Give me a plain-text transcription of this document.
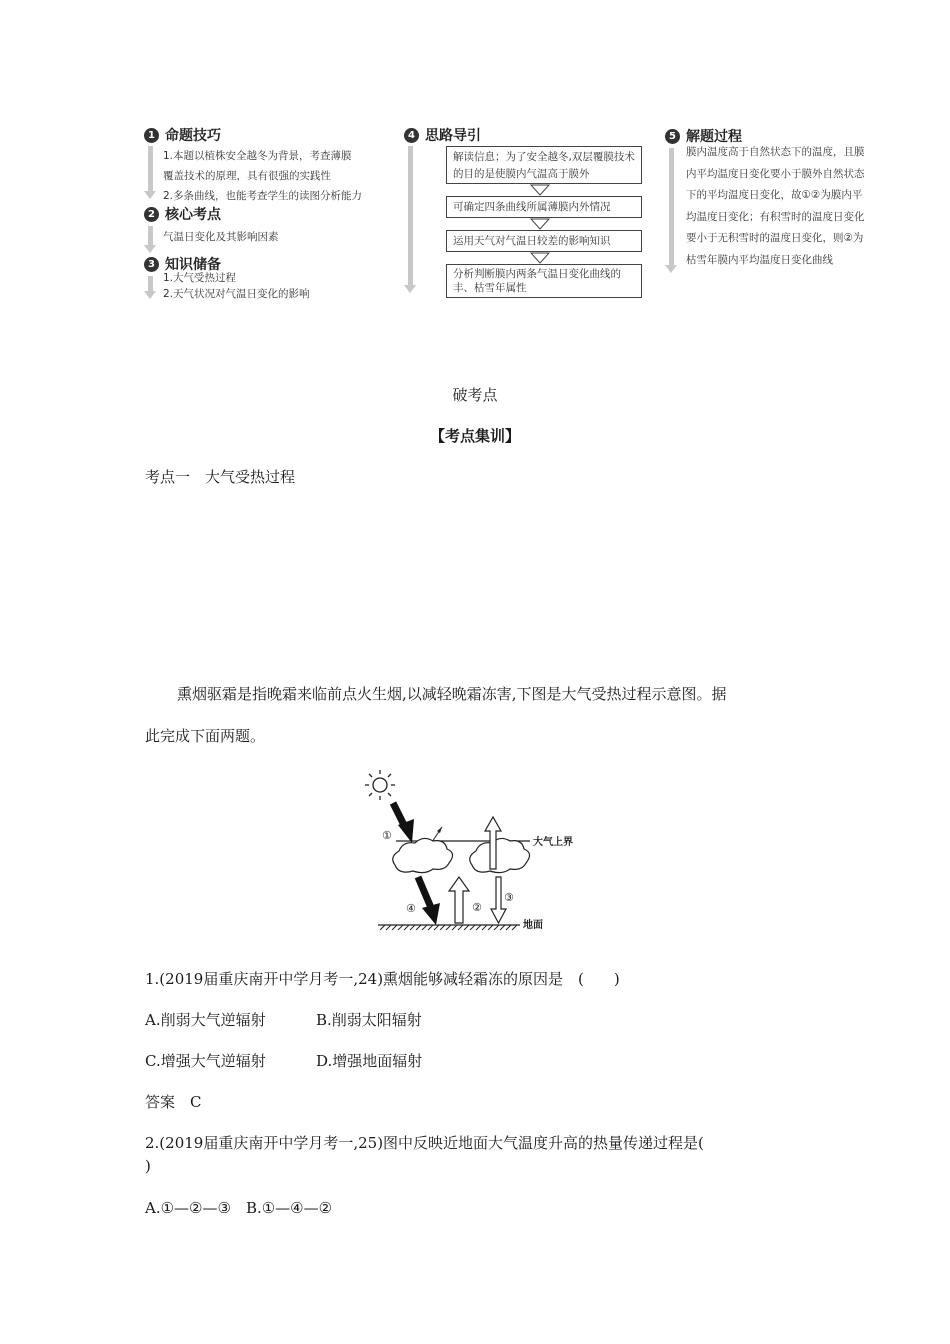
1 命题技巧
1.本题以植株安全越冬为背景，考查薄膜
覆盖技术的原理，具有很强的实践性
2.多条曲线，也能考查学生的读图分析能力
2 核心考点
气温日变化及其影响因素
3 知识储备
1.大气受热过程
2.天气状况对气温日变化的影响
4 思路导引
解读信息；为了安全越冬,双层覆膜技术的目的是使膜内气温高于膜外
可确定四条曲线所属薄膜内外情况
运用天气对气温日较差的影响知识
分析判断膜内两条气温日变化曲线的丰、枯雪年属性
5 解题过程
膜内温度高于自然状态下的温度，且膜
内平均温度日变化要小于膜外自然状态
下的平均温度日变化，故①②为膜内平
均温度日变化；有积雪时的温度日变化
要小于无积雪时的温度日变化，则②为
枯雪年膜内平均温度日变化曲线
破考点
【考点集训】
考点一　大气受热过程
熏烟驱霜是指晚霜来临前点火生烟,以减轻晚霜冻害,下图是大气受热过程示意图。据
此完成下面两题。
大气上界
①
④	②
③
地面
1.(2019届重庆南开中学月考一,24)熏烟能够减轻霜冻的原因是　(　　)
A.削弱大气逆辐射	B.削弱太阳辐射
C.增强大气逆辐射	D.增强地面辐射
答案　C
2.(2019届重庆南开中学月考一,25)图中反映近地面大气温度升高的热量传递过程是(
)
A.①—②—③　B.①—④—②
